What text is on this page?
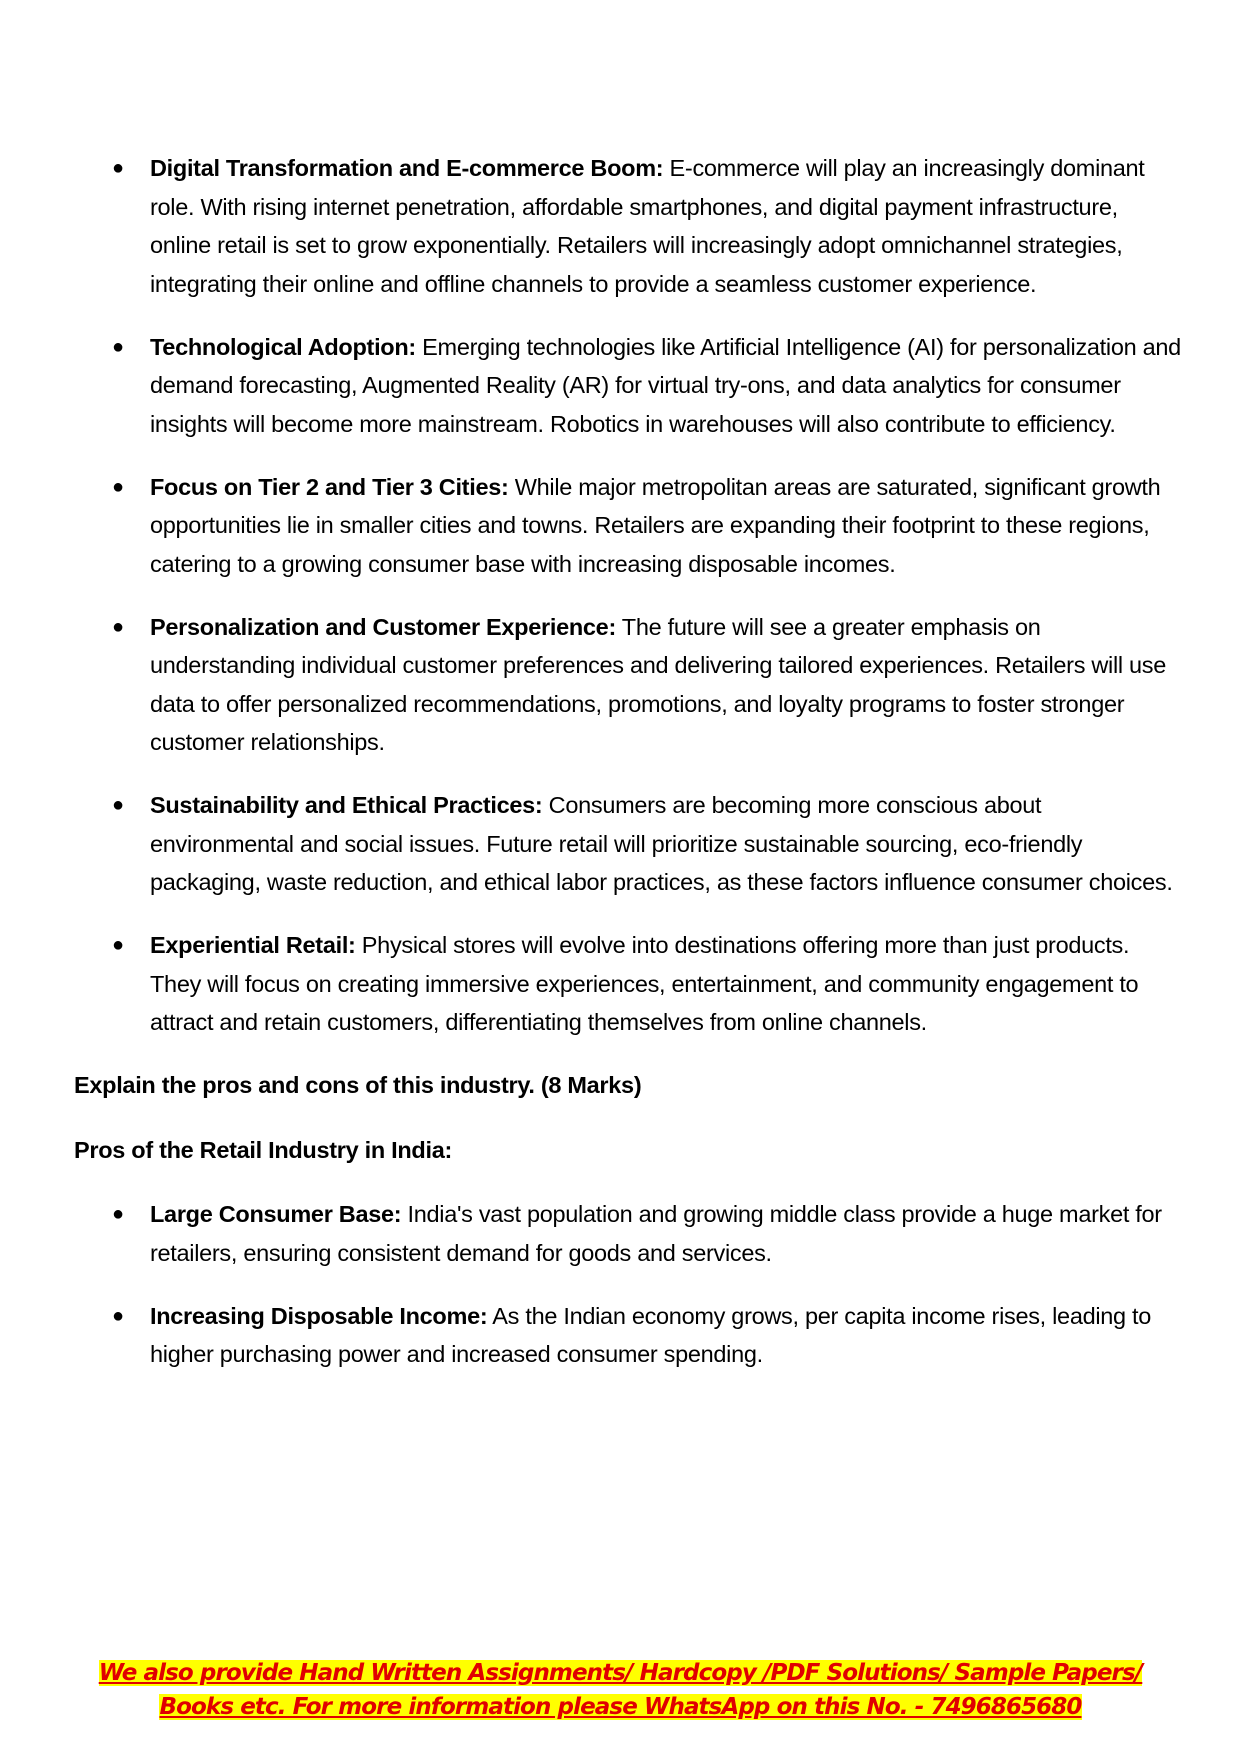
● Digital Transformation and E-commerce Boom: E-commerce will play an increasingly dominant role. With rising internet penetration, affordable smartphones, and digital payment infrastructure, online retail is set to grow exponentially. Retailers will increasingly adopt omnichannel strategies, integrating their online and offline channels to provide a seamless customer experience.
● Technological Adoption: Emerging technologies like Artificial Intelligence (AI) for personalization and demand forecasting, Augmented Reality (AR) for virtual try-ons, and data analytics for consumer insights will become more mainstream. Robotics in warehouses will also contribute to efficiency.
● Focus on Tier 2 and Tier 3 Cities: While major metropolitan areas are saturated, significant growth opportunities lie in smaller cities and towns. Retailers are expanding their footprint to these regions, catering to a growing consumer base with increasing disposable incomes.
● Personalization and Customer Experience: The future will see a greater emphasis on understanding individual customer preferences and delivering tailored experiences. Retailers will use data to offer personalized recommendations, promotions, and loyalty programs to foster stronger customer relationships.
● Sustainability and Ethical Practices: Consumers are becoming more conscious about environmental and social issues. Future retail will prioritize sustainable sourcing, eco-friendly packaging, waste reduction, and ethical labor practices, as these factors influence consumer choices.
● Experiential Retail: Physical stores will evolve into destinations offering more than just products. They will focus on creating immersive experiences, entertainment, and community engagement to attract and retain customers, differentiating themselves from online channels.

Explain the pros and cons of this industry. (8 Marks)

Pros of the Retail Industry in India:

● Large Consumer Base: India's vast population and growing middle class provide a huge market for retailers, ensuring consistent demand for goods and services.
● Increasing Disposable Income: As the Indian economy grows, per capita income rises, leading to higher purchasing power and increased consumer spending.
We also provide Hand Written Assignments/ Hardcopy /PDF Solutions/ Sample Papers/
Books etc. For more information please WhatsApp on this No. - 7496865680
